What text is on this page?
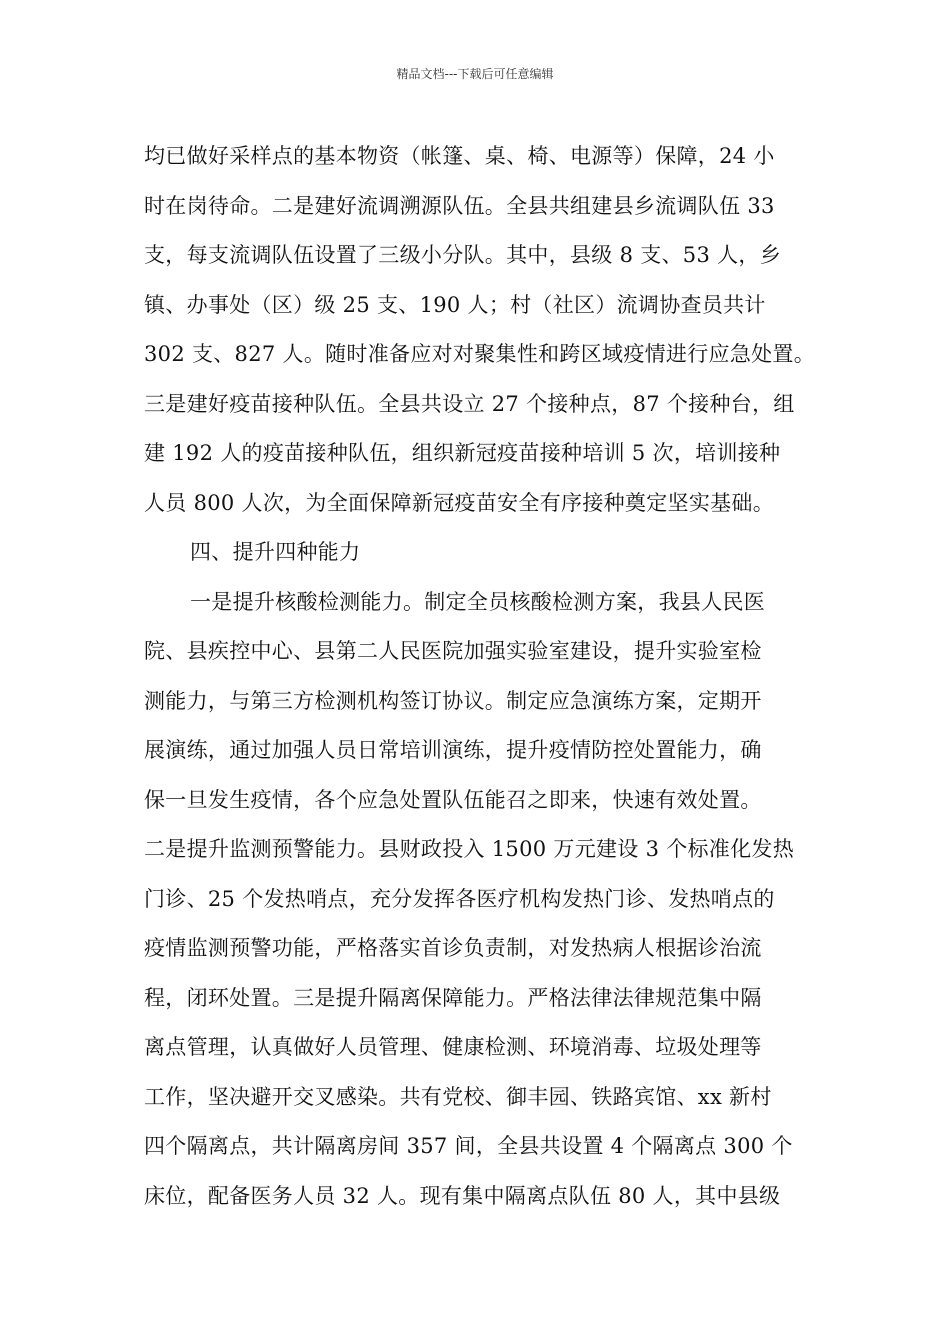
精品文档---下载后可任意编辑
均已做好采样点的基本物资（帐篷、桌、椅、电源等）保障，24 小
时在岗待命。二是建好流调溯源队伍。全县共组建县乡流调队伍 33
支，每支流调队伍设置了三级小分队。其中，县级 8 支、53 人，乡
镇、办事处（区）级 25 支、190 人；村（社区）流调协查员共计
302 支、827 人。随时准备应对对聚集性和跨区域疫情进行应急处置。
三是建好疫苗接种队伍。全县共设立 27 个接种点，87 个接种台，组
建 192 人的疫苗接种队伍，组织新冠疫苗接种培训 5 次，培训接种
人员 800 人次，为全面保障新冠疫苗安全有序接种奠定坚实基础。
四、提升四种能力
一是提升核酸检测能力。制定全员核酸检测方案，我县人民医
院、县疾控中心、县第二人民医院加强实验室建设，提升实验室检
测能力，与第三方检测机构签订协议。制定应急演练方案，定期开
展演练，通过加强人员日常培训演练，提升疫情防控处置能力，确
保一旦发生疫情，各个应急处置队伍能召之即来，快速有效处置。
二是提升监测预警能力。县财政投入 1500 万元建设 3 个标准化发热
门诊、25 个发热哨点，充分发挥各医疗机构发热门诊、发热哨点的
疫情监测预警功能，严格落实首诊负责制，对发热病人根据诊治流
程，闭环处置。三是提升隔离保障能力。严格法律法律规范集中隔
离点管理，认真做好人员管理、健康检测、环境消毒、垃圾处理等
工作，坚决避开交叉感染。共有党校、御丰园、铁路宾馆、xx 新村
四个隔离点，共计隔离房间 357 间，全县共设置 4 个隔离点 300 个
床位，配备医务人员 32 人。现有集中隔离点队伍 80 人，其中县级
